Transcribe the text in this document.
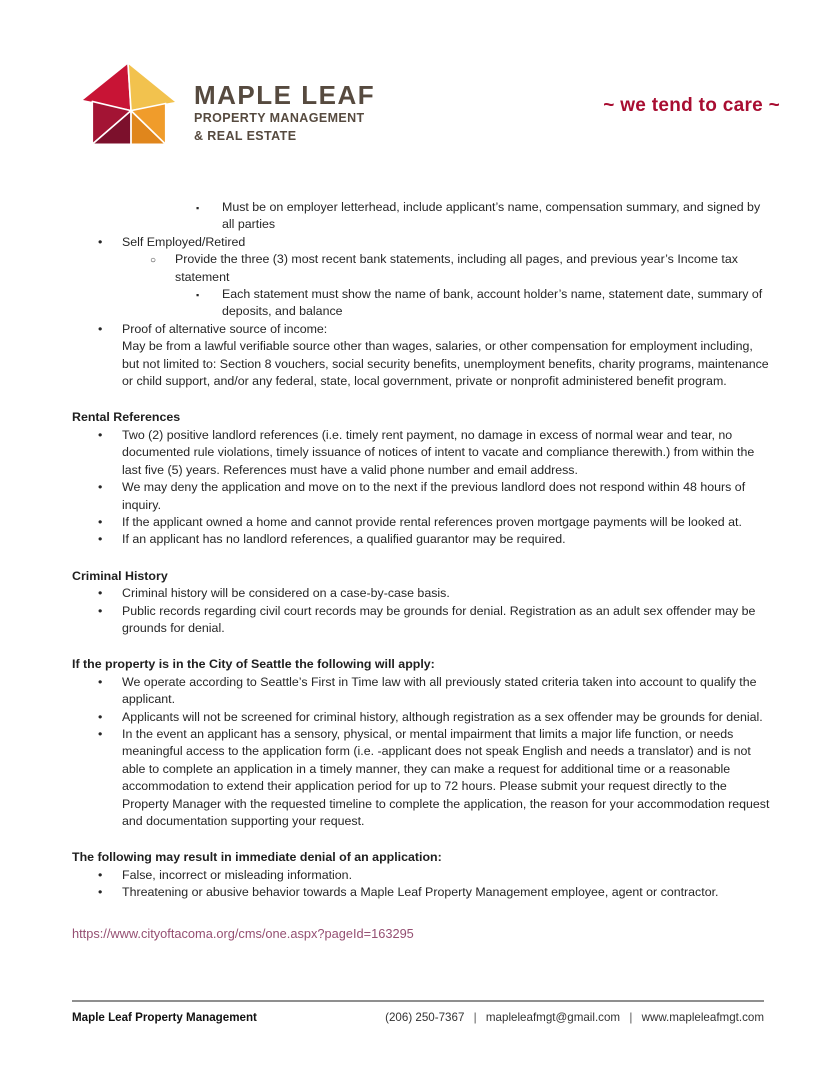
MAPLE LEAF
PROPERTY MANAGEMENT
& REAL ESTATE
~ we tend to care ~
▪ Must be on employer letterhead, include applicant’s name, compensation summary, and signed by all parties
• Self Employed/Retired
○ Provide the three (3) most recent bank statements, including all pages, and previous year’s Income tax statement
▪ Each statement must show the name of bank, account holder’s name, statement date, summary of deposits, and balance
• Proof of alternative source of income:
May be from a lawful verifiable source other than wages, salaries, or other compensation for employment including, but not limited to: Section 8 vouchers, social security benefits, unemployment benefits, charity programs, maintenance or child support, and/or any federal, state, local government, private or nonprofit administered benefit program.
Rental References
• Two (2) positive landlord references (i.e. timely rent payment, no damage in excess of normal wear and tear, no documented rule violations, timely issuance of notices of intent to vacate and compliance therewith.) from within the last five (5) years. References must have a valid phone number and email address.
• We may deny the application and move on to the next if the previous landlord does not respond within 48 hours of inquiry.
• If the applicant owned a home and cannot provide rental references proven mortgage payments will be looked at.
• If an applicant has no landlord references, a qualified guarantor may be required.
Criminal History
• Criminal history will be considered on a case-by-case basis.
• Public records regarding civil court records may be grounds for denial. Registration as an adult sex offender may be grounds for denial.
If the property is in the City of Seattle the following will apply:
• We operate according to Seattle’s First in Time law with all previously stated criteria taken into account to qualify the applicant.
• Applicants will not be screened for criminal history, although registration as a sex offender may be grounds for denial.
• In the event an applicant has a sensory, physical, or mental impairment that limits a major life function, or needs meaningful access to the application form (i.e. -applicant does not speak English and needs a translator) and is not able to complete an application in a timely manner, they can make a request for additional time or a reasonable accommodation to extend their application period for up to 72 hours. Please submit your request directly to the Property Manager with the requested timeline to complete the application, the reason for your accommodation request and documentation supporting your request.
The following may result in immediate denial of an application:
• False, incorrect or misleading information.
• Threatening or abusive behavior towards a Maple Leaf Property Management employee, agent or contractor.
https://www.cityoftacoma.org/cms/one.aspx?pageId=163295
Maple Leaf Property Management	(206) 250-7367 | mapleleafmgt@gmail.com | www.mapleleafmgt.com
